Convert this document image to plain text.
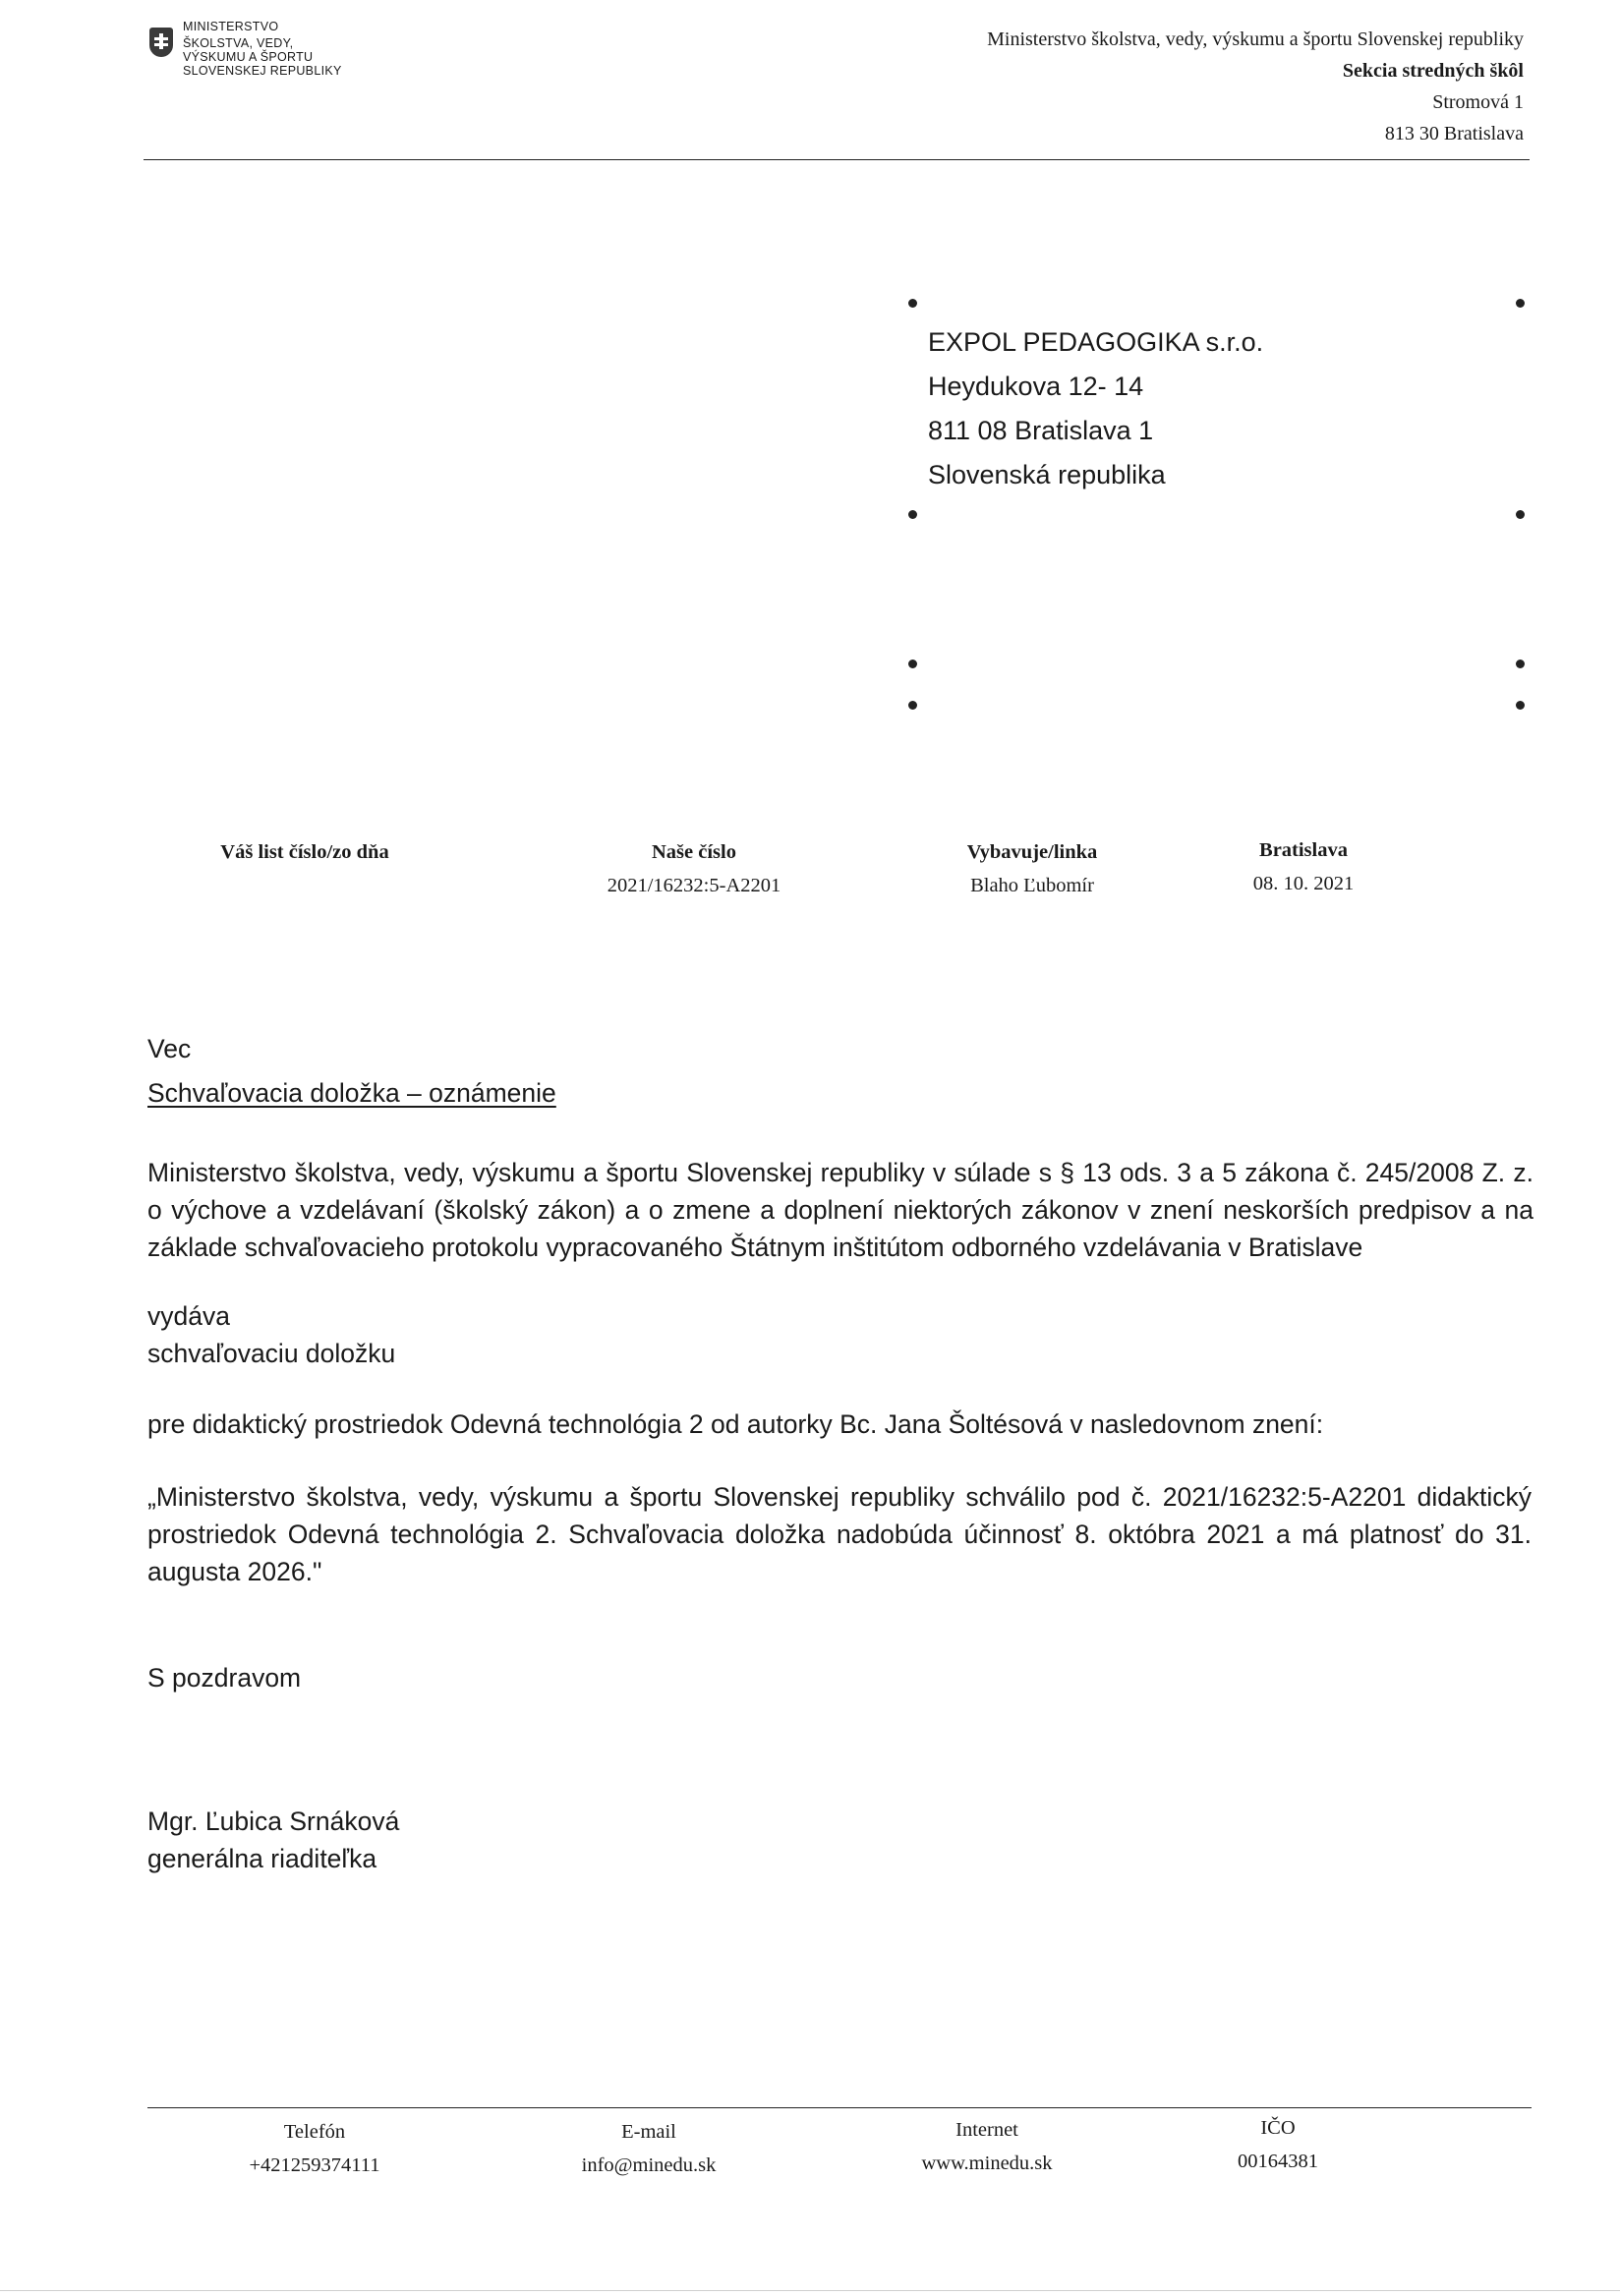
MINISTERSTVO
ŠKOLSTVA, VEDY,
VÝSKUMU A ŠPORTU
SLOVENSKEJ REPUBLIKY
Ministerstvo školstva, vedy, výskumu a športu Slovenskej republiky
Sekcia stredných škôl
Stromová 1
813 30 Bratislava
EXPOL PEDAGOGIKA s.r.o.
Heydukova 12- 14
811 08 Bratislava 1
Slovenská republika
Váš list číslo/zo dňa	Naše číslo
2021/16232:5-A2201
Vybavuje/linka
Blaho Ľubomír
Bratislava
08. 10. 2021
Vec
Schvaľovacia doložka – oznámenie
Ministerstvo školstva, vedy, výskumu a športu Slovenskej republiky v súlade s § 13 ods. 3 a 5 zákona č. 245/2008 Z. z. o výchove a vzdelávaní (školský zákon) a o zmene a doplnení niektorých zákonov v znení neskorších predpisov a na základe schvaľovacieho protokolu vypracovaného Štátnym inštitútom odborného vzdelávania v Bratislave
vydáva
schvaľovaciu doložku
pre didaktický prostriedok Odevná technológia 2 od autorky Bc. Jana Šoltésová v nasledovnom znení:
„Ministerstvo školstva, vedy, výskumu a športu Slovenskej republiky schválilo pod č. 2021/16232:5-A2201 didaktický prostriedok Odevná technológia 2. Schvaľovacia doložka nadobúda účinnosť 8. októbra 2021 a má platnosť do 31. augusta 2026."
S pozdravom
Mgr. Ľubica Srnáková
generálna riaditeľka
Telefón
+421259374111
E-mail
info@minedu.sk
Internet
www.minedu.sk
IČO
00164381
